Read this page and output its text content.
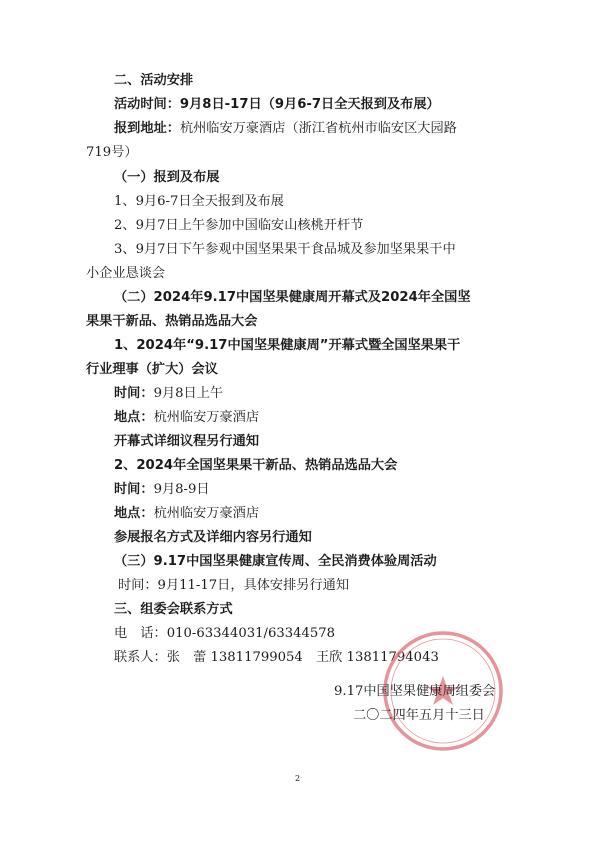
二、活动安排
活动时间：9月8日-17日（9月6-7日全天报到及布展）
报到地址：杭州临安万豪酒店（浙江省杭州市临安区大园路
719号）
（一）报到及布展
1、9月6-7日全天报到及布展
2、9月7日上午参加中国临安山核桃开杆节
3、9月7日下午参观中国坚果果干食品城及参加坚果果干中
小企业恳谈会
（二）2024年9.17中国坚果健康周开幕式及2024年全国坚
果果干新品、热销品选品大会
1、2024年“9.17中国坚果健康周”开幕式暨全国坚果果干
行业理事（扩大）会议
时间：9月8日上午
地点：杭州临安万豪酒店
开幕式详细议程另行通知
2、2024年全国坚果果干新品、热销品选品大会
时间：9月8-9日
地点：杭州临安万豪酒店
参展报名方式及详细内容另行通知
（三）9.17中国坚果健康宣传周、全民消费体验周活动
时间：9月11-17日，具体安排另行通知
三、组委会联系方式
电　话：010-63344031/63344578
联系人：张　蕾 13811799054　王欣 13811794043
9.17中国坚果健康周组委会
二〇二四年五月十三日
2
